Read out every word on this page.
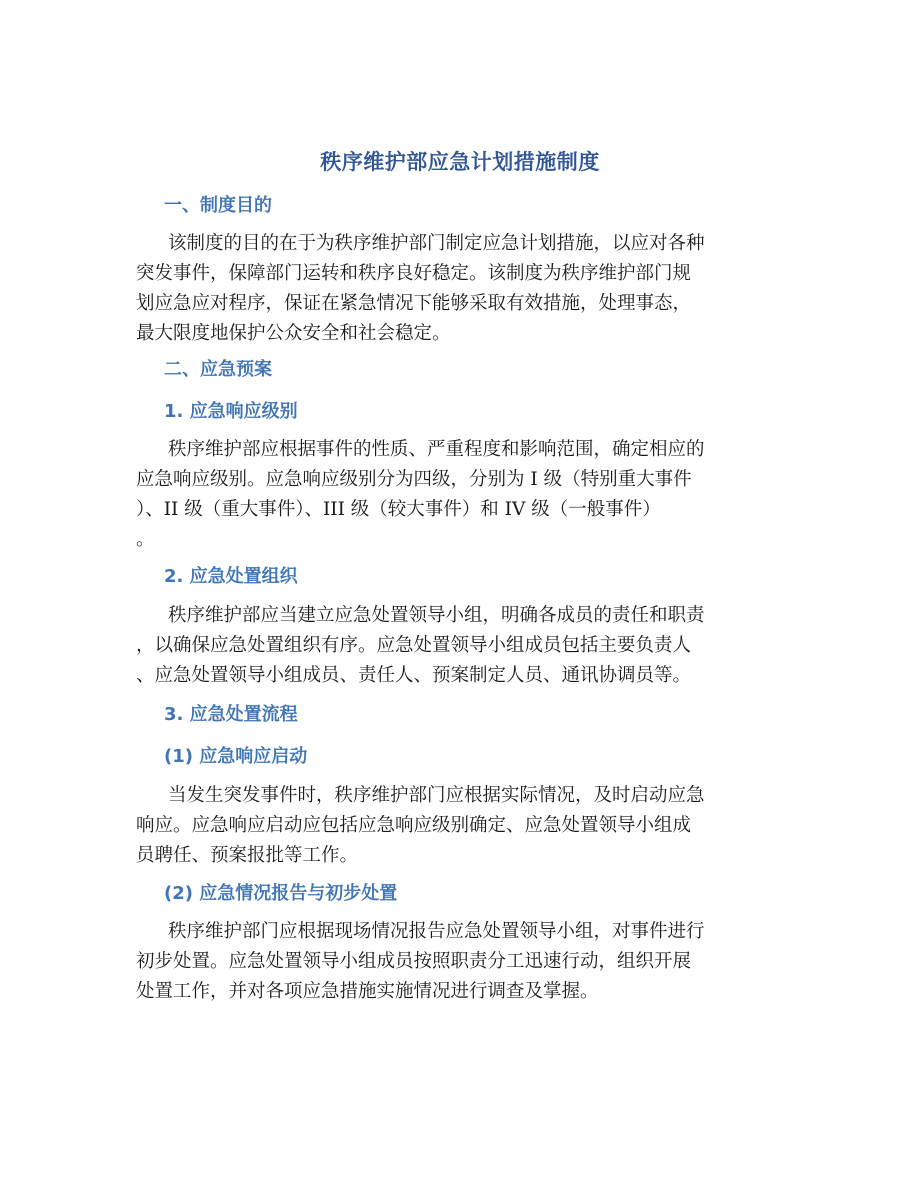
秩序维护部应急计划措施制度
一、制度目的
该制度的目的在于为秩序维护部门制定应急计划措施，以应对各种
突发事件，保障部门运转和秩序良好稳定。该制度为秩序维护部门规
划应急应对程序，保证在紧急情况下能够采取有效措施，处理事态，
最大限度地保护公众安全和社会稳定。
二、应急预案
1. 应急响应级别
秩序维护部应根据事件的性质、严重程度和影响范围，确定相应的
应急响应级别。应急响应级别分为四级，分别为 I 级（特别重大事件
）、II 级（重大事件）、III 级（较大事件）和 IV 级（一般事件）
。
2. 应急处置组织
秩序维护部应当建立应急处置领导小组，明确各成员的责任和职责
，以确保应急处置组织有序。应急处置领导小组成员包括主要负责人
、应急处置领导小组成员、责任人、预案制定人员、通讯协调员等。
3. 应急处置流程
(1) 应急响应启动
当发生突发事件时，秩序维护部门应根据实际情况，及时启动应急
响应。应急响应启动应包括应急响应级别确定、应急处置领导小组成
员聘任、预案报批等工作。
(2) 应急情况报告与初步处置
秩序维护部门应根据现场情况报告应急处置领导小组，对事件进行
初步处置。应急处置领导小组成员按照职责分工迅速行动，组织开展
处置工作，并对各项应急措施实施情况进行调查及掌握。
